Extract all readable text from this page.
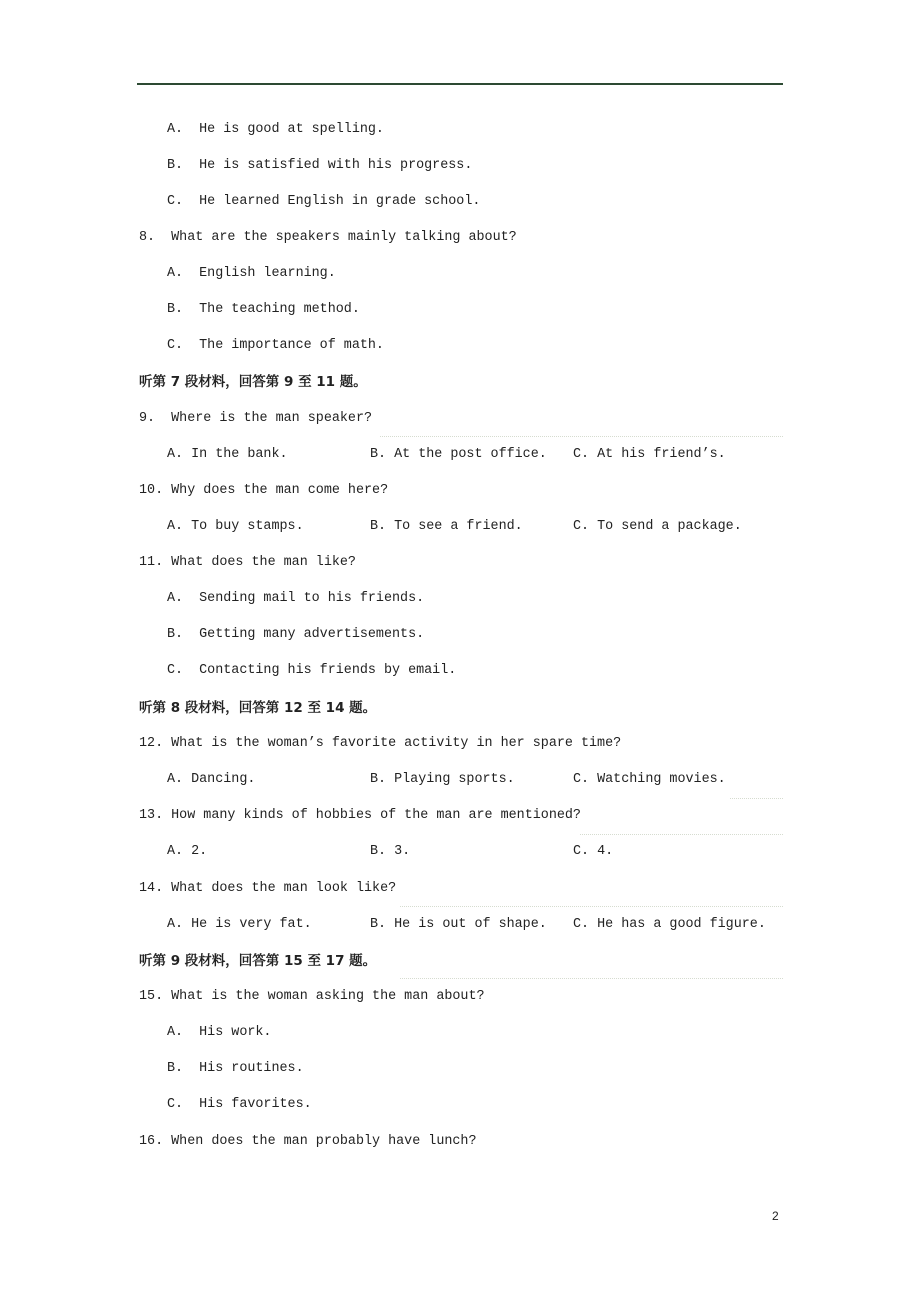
A.  He is good at spelling.
B.  He is satisfied with his progress.
C.  He learned English in grade school.
8.  What are the speakers mainly talking about?
A.  English learning.
B.  The teaching method.
C.  The importance of math.
听第 7 段材料，回答第 9 至 11 题。
9.  Where is the man speaker?
A. In the bank.	B. At the post office. C. At his friend’s.
10. Why does the man come here?
A. To buy stamps.	B. To see a friend.	C. To send a package.
11. What does the man like?
A.  Sending mail to his friends.
B.  Getting many advertisements.
C.  Contacting his friends by email.
听第 8 段材料，回答第 12 至 14 题。
12. What is the woman’s favorite activity in her spare time?
A. Dancing.	B. Playing sports.	C. Watching movies.
13. How many kinds of hobbies of the man are mentioned?
A. 2.	B. 3.	C. 4.
14. What does the man look like?
A. He is very fat.	B. He is out of shape. C. He has a good figure.
听第 9 段材料，回答第 15 至 17 题。
15. What is the woman asking the man about?
A.  His work.
B.  His routines.
C.  His favorites.
16. When does the man probably have lunch?
2
